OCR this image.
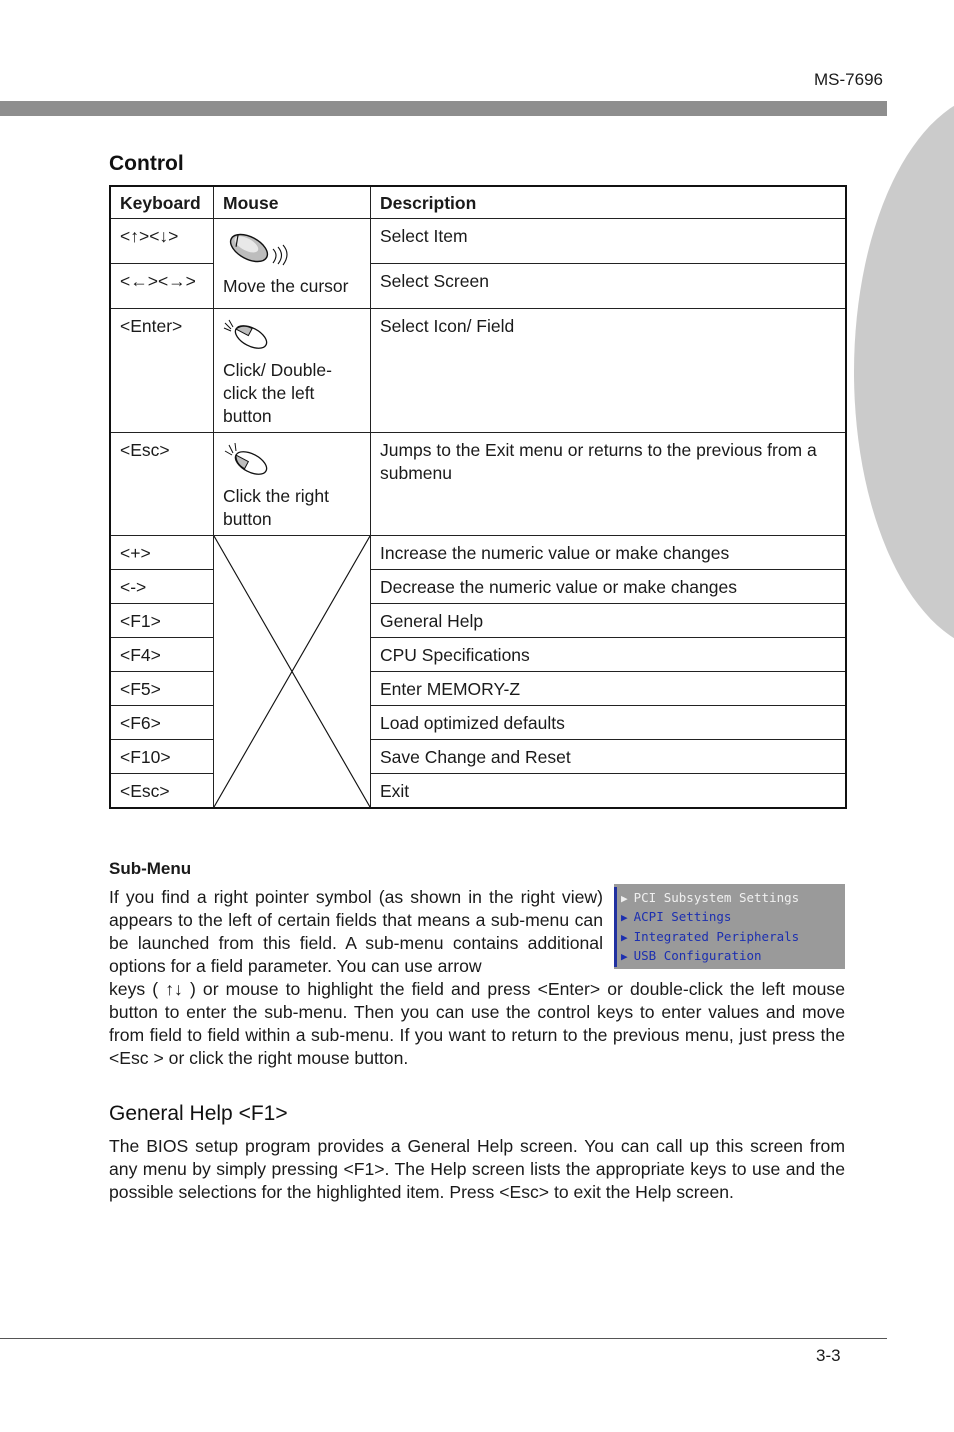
MS-7696
Chapter 3
Control
Keyboard	Mouse	Description
<↑><↓>	Move the cursor	Select Item
<←><→>		Select Screen
<Enter>	Click/ Double-click the left button	Select Icon/ Field
<Esc>	Click the right button	Jumps to the Exit menu or returns to the previous from a submenu
<+>		Increase the numeric value or make changes
<->		Decrease the numeric value or make changes
<F1>		General Help
<F4>		CPU Specifications
<F5>		Enter MEMORY-Z
<F6>		Load optimized defaults
<F10>		Save Change and Reset
<Esc>		Exit
Sub-Menu
If you find a right pointer symbol (as shown in the right view) appears to the left of certain fields that means a sub-menu can be launched from this field. A sub-menu contains additional options for a field parameter. You can use arrow
▶ PCI Subsystem Settings
▶ ACPI Settings
▶ Integrated Peripherals
▶ USB Configuration
keys ( ↑↓ ) or mouse to highlight the field and press <Enter> or double-click the left mouse button to enter the sub-menu. Then you can use the control keys to enter values and move from field to field within a sub-menu. If you want to return to the previous menu, just press the <Esc > or click the right mouse button.
General Help <F1>
The BIOS setup program provides a General Help screen. You can call up this screen from any menu by simply pressing <F1>. The Help screen lists the appropriate keys to use and the possible selections for the highlighted item. Press <Esc> to exit the Help screen.
3-3
